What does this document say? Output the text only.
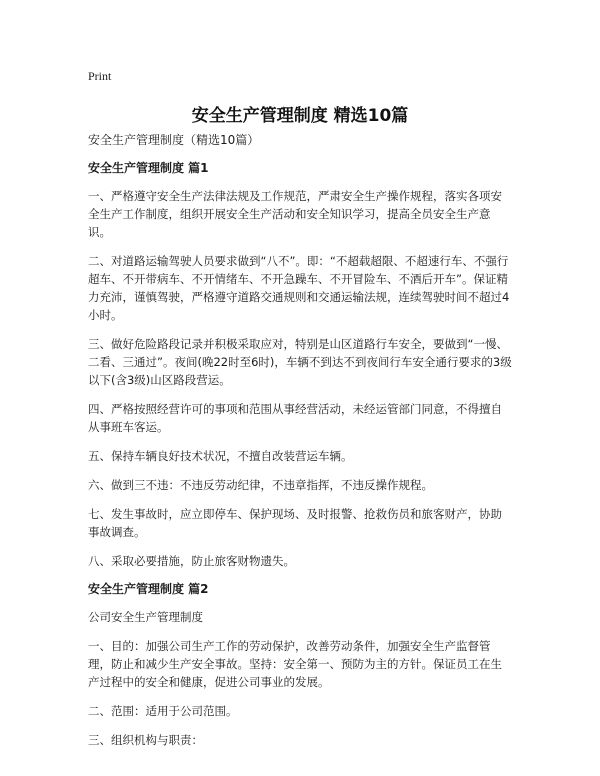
Print
安全生产管理制度 精选10篇

安全生产管理制度（精选10篇）

安全生产管理制度 篇1

一、严格遵守安全生产法律法规及工作规范，严肃安全生产操作规程，落实各项安全生产工作制度，组织开展安全生产活动和安全知识学习，提高全员安全生产意识。

二、对道路运输驾驶人员要求做到“八不”。即：“不超载超限、不超速行车、不强行超车、不开带病车、不开情绪车、不开急躁车、不开冒险车、不酒后开车”。保证精力充沛，谨慎驾驶，严格遵守道路交通规则和交通运输法规，连续驾驶时间不超过4小时。

三、做好危险路段记录并积极采取应对，特别是山区道路行车安全，要做到“一慢、二看、三通过”。夜间(晚22时至6时)，车辆不到达不到夜间行车安全通行要求的3级以下(含3级)山区路段营运。

四、严格按照经营许可的事项和范围从事经营活动，未经运管部门同意，不得擅自从事班车客运。

五、保持车辆良好技术状况，不擅自改装营运车辆。

六、做到三不违：不违反劳动纪律，不违章指挥，不违反操作规程。

七、发生事故时，应立即停车、保护现场、及时报警、抢救伤员和旅客财产，协助事故调查。

八、采取必要措施，防止旅客财物遗失。

安全生产管理制度 篇2

公司安全生产管理制度

一、目的：加强公司生产工作的劳动保护，改善劳动条件，加强安全生产监督管理，防止和减少生产安全事故。坚持：安全第一、预防为主的方针。保证员工在生产过程中的安全和健康，促进公司事业的发展。

二、范围：适用于公司范围。

三、组织机构与职责：
